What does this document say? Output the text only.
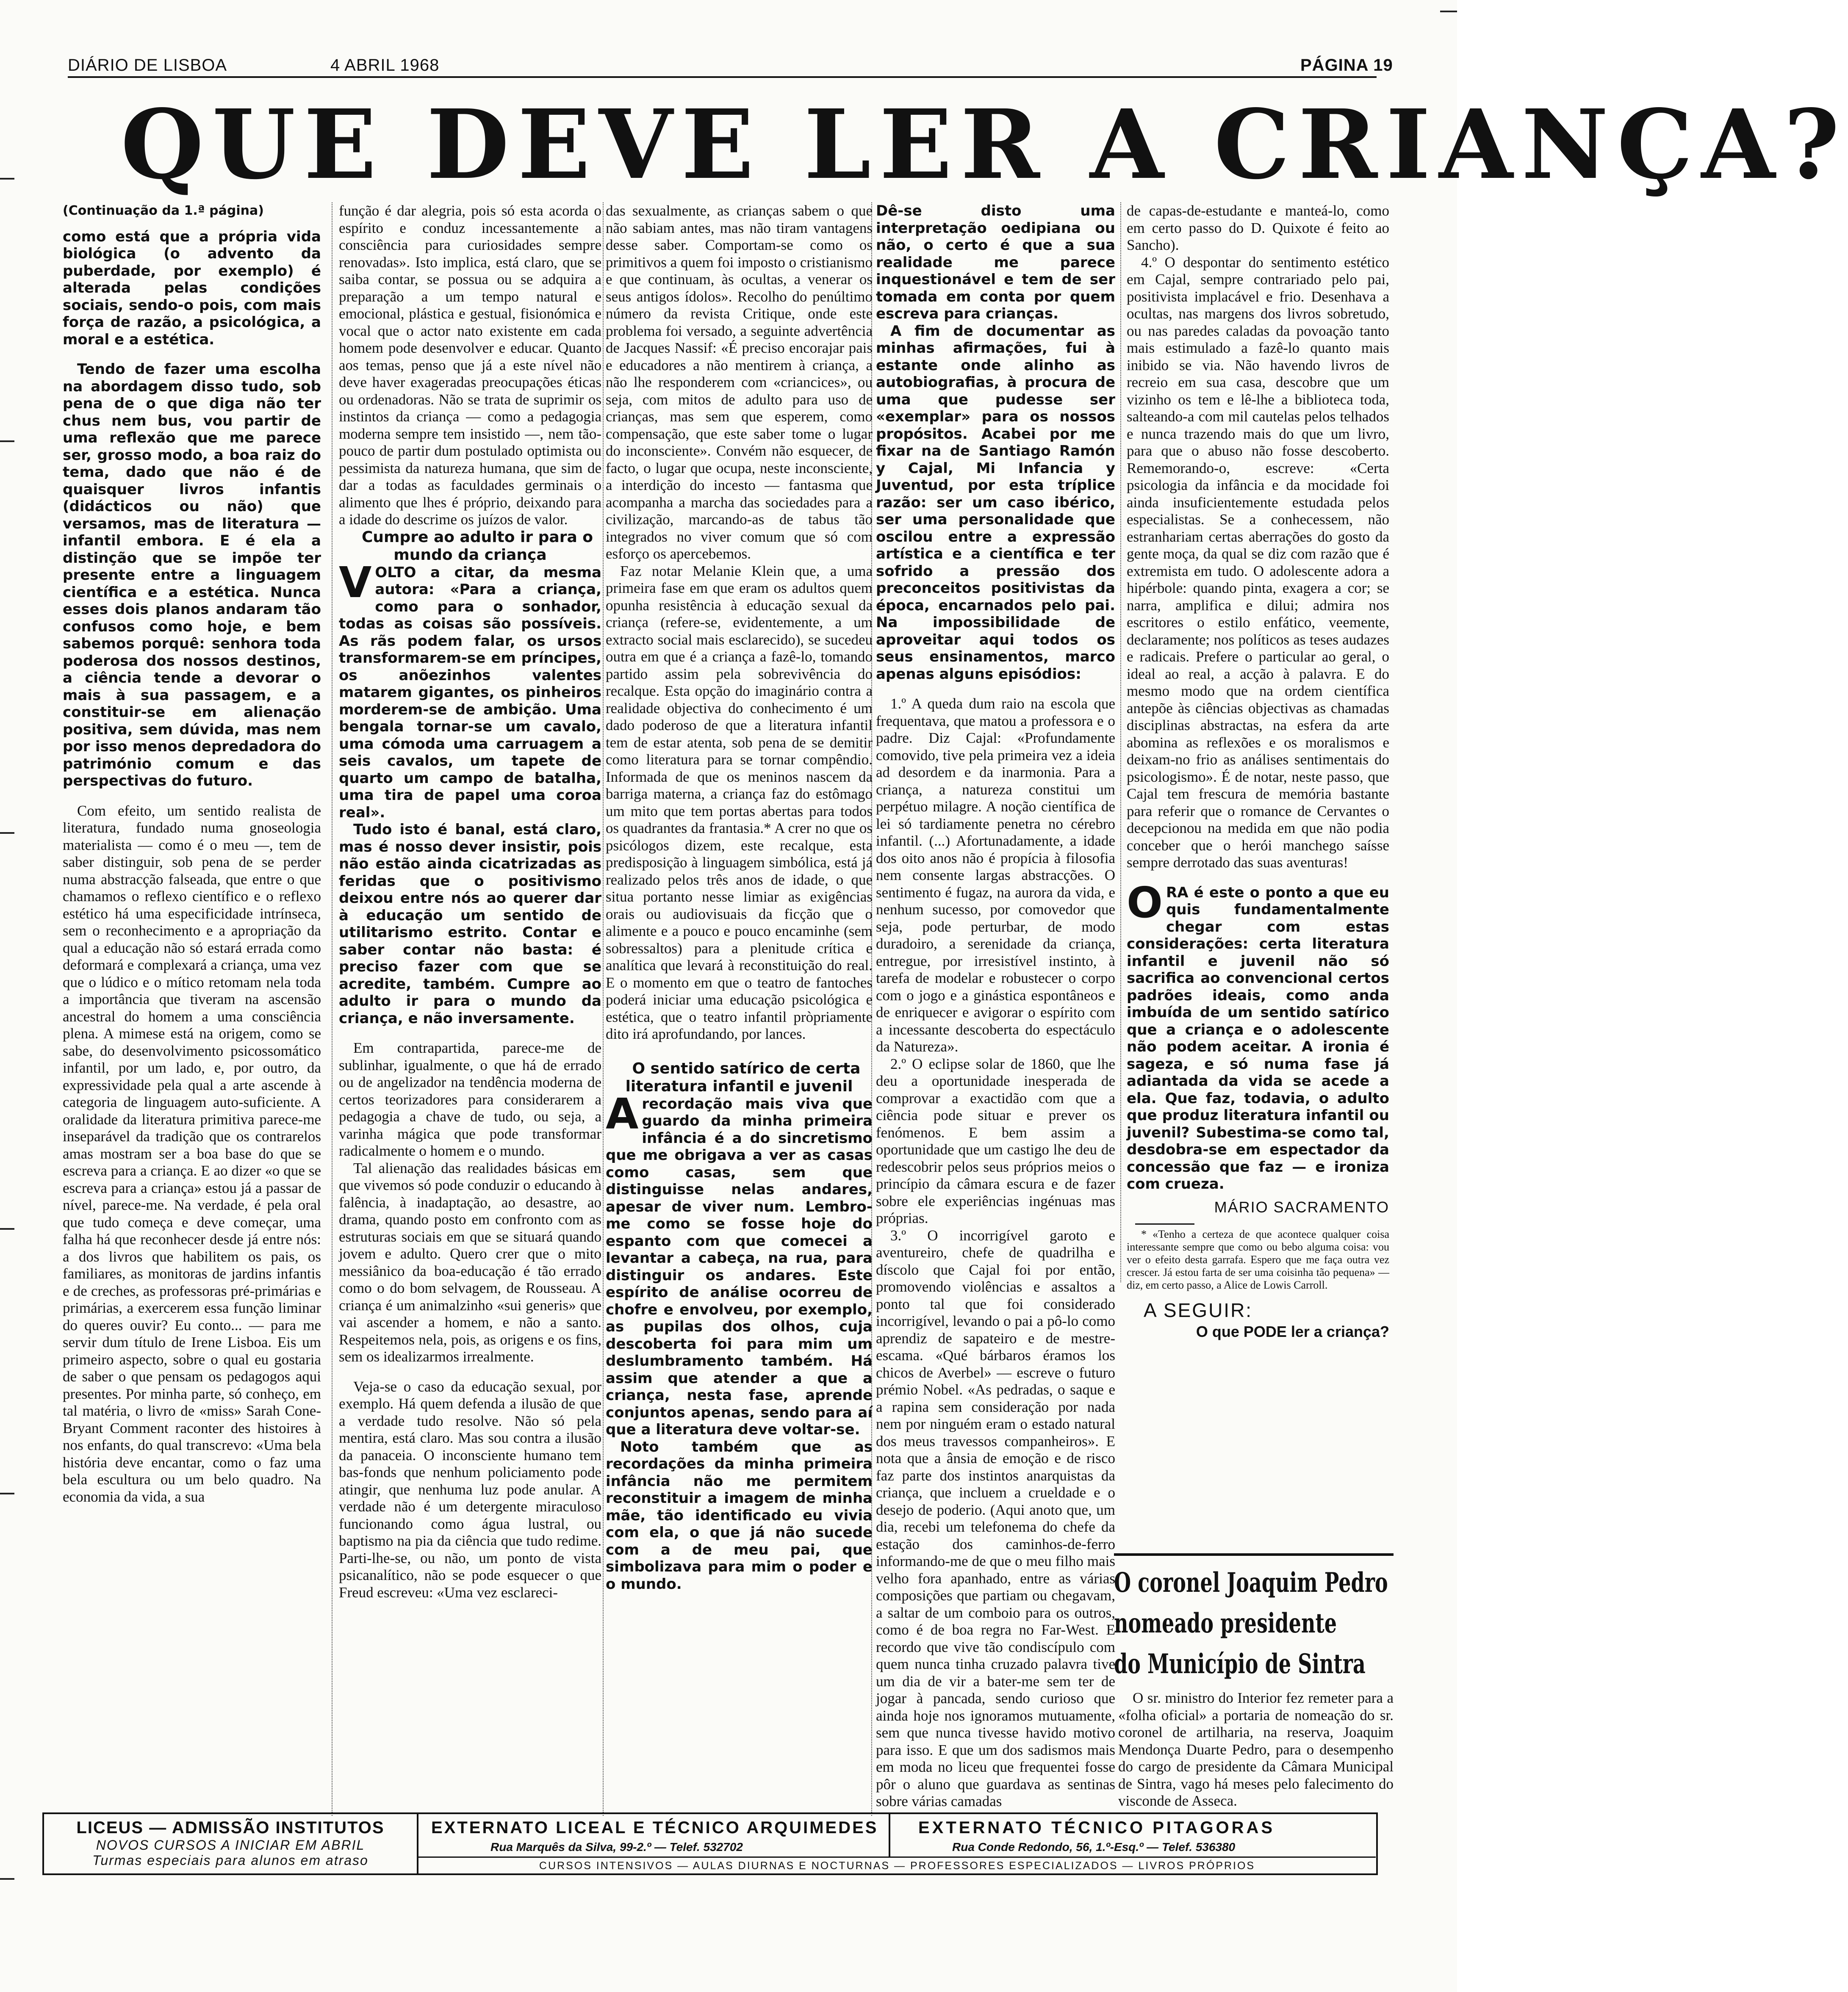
DIÁRIO DE LISBOA	4 ABRIL 1968	PÁGINA 19
QUE DEVE LER A CRIANÇA?

(Continuação da 1.ª página)

como está que a própria vida biológica (o advento da puberdade, por exemplo) é alterada pelas condições sociais, sendo-o pois, com mais força de razão, a psicológica, a moral e a estética.

Tendo de fazer uma escolha na abordagem disso tudo, sob pena de o que diga não ter chus nem bus, vou partir de uma reflexão que me parece ser, grosso modo, a boa raiz do tema, dado que não é de quaisquer livros infantis (didácticos ou não) que versamos, mas de literatura — infantil embora. E é ela a distinção que se impõe ter presente entre a linguagem científica e a estética. Nunca esses dois planos andaram tão confusos como hoje, e bem sabemos porquê: senhora toda poderosa dos nossos destinos, a ciência tende a devorar o mais à sua passagem, e a constituir-se em alienação positiva, sem dúvida, mas nem por isso menos depredadora do património comum e das perspectivas do futuro.

Com efeito, um sentido realista de literatura, fundado numa gnoseologia materialista — como é o meu —, tem de saber distinguir, sob pena de se perder numa abstracção falseada, que entre o que chamamos o reflexo científico e o reflexo estético há uma especificidade intrínseca, sem o reconhecimento e a apropriação da qual a educação não só estará errada como deformará e complexará a criança, uma vez que o lúdico e o mítico retomam nela toda a importância que tiveram na ascensão ancestral do homem a uma consciência plena. A mimese está na origem, como se sabe, do desenvolvimento psicossomático infantil, por um lado, e, por outro, da expressividade pela qual a arte ascende à categoria de linguagem auto-suficiente. A oralidade da literatura primitiva parece-me inseparável da tradição que os contrarelos amas mostram ser a boa base do que se escreva para a criança. E ao dizer «o que se escreva para a criança» estou já a passar de nível, parece-me. Na verdade, é pela oral que tudo começa e deve começar, uma falha há que reconhecer desde já entre nós: a dos livros que habilitem os pais, os familiares, as monitoras de jardins infantis e de creches, as professoras pré-primárias e primárias, a exercerem essa função liminar do queres ouvir? Eu conto... — para me servir dum título de Irene Lisboa. Eis um primeiro aspecto, sobre o qual eu gostaria de saber o que pensam os pedagogos aqui presentes. Por minha parte, só conheço, em tal matéria, o livro de «miss» Sarah Cone-Bryant Comment raconter des histoires à nos enfants, do qual transcrevo: «Uma bela história deve encantar, como o faz uma bela escultura ou um belo quadro. Na economia da vida, a sua

função é dar alegria, pois só esta acorda o espírito e conduz incessantemente a consciência para curiosidades sempre renovadas». Isto implica, está claro, que se saiba contar, se possua ou se adquira a preparação a um tempo natural e emocional, plástica e gestual, fisionómica e vocal que o actor nato existente em cada homem pode desenvolver e educar. Quanto aos temas, penso que já a este nível não deve haver exageradas preocupações éticas ou ordenadoras. Não se trata de suprimir os instintos da criança — como a pedagogia moderna sempre tem insistido —, nem tão-pouco de partir dum postulado optimista ou pessimista da natureza humana, que sim de dar a todas as faculdades germinais o alimento que lhes é próprio, deixando para a idade do descrime os juízos de valor.

Cumpre ao adulto ir para o mundo da criança

VOLTO a citar, da mesma autora: «Para a criança, como para o sonhador, todas as coisas são possíveis. As rãs podem falar, os ursos transformarem-se em príncipes, os anõezinhos valentes matarem gigantes, os pinheiros morderem-se de ambição. Uma bengala tornar-se um cavalo, uma cómoda uma carruagem a seis cavalos, um tapete de quarto um campo de batalha, uma tira de papel uma coroa real».

Tudo isto é banal, está claro, mas é nosso dever insistir, pois não estão ainda cicatrizadas as feridas que o positivismo deixou entre nós ao querer dar à educação um sentido de utilitarismo estrito. Contar e saber contar não basta: é preciso fazer com que se acredite, também. Cumpre ao adulto ir para o mundo da criança, e não inversamente.

Em contrapartida, parece-me de sublinhar, igualmente, o que há de errado ou de angelizador na tendência moderna de certos teorizadores para considerarem a pedagogia a chave de tudo, ou seja, a varinha mágica que pode transformar radicalmente o homem e o mundo.

Tal alienação das realidades básicas em que vivemos só pode conduzir o educando à falência, à inadaptação, ao desastre, ao drama, quando posto em confronto com as estruturas sociais em que se situará quando jovem e adulto. Quero crer que o mito messiânico da boa-educação é tão errado como o do bom selvagem, de Rousseau. A criança é um animalzinho «sui generis» que vai ascender a homem, e não a santo. Respeitemos nela, pois, as origens e os fins, sem os idealizarmos irrealmente.

Veja-se o caso da educação sexual, por exemplo. Há quem defenda a ilusão de que a verdade tudo resolve. Não só pela mentira, está claro. Mas sou contra a ilusão da panaceia. O inconsciente humano tem bas-fonds que nenhum policiamento pode atingir, que nenhuma luz pode anular. A verdade não é um detergente miraculoso funcionando como água lustral, ou baptismo na pia da ciência que tudo redime. Parti-lhe-se, ou não, um ponto de vista psicanalítico, não se pode esquecer o que Freud escreveu: «Uma vez esclareci-

das sexualmente, as crianças sabem o que não sabiam antes, mas não tiram vantagens desse saber. Comportam-se como os primitivos a quem foi imposto o cristianismo e que continuam, às ocultas, a venerar os seus antigos ídolos». Recolho do penúltimo número da revista Critique, onde este problema foi versado, a seguinte advertência de Jacques Nassif: «É preciso encorajar pais e educadores a não mentirem à criança, a não lhe responderem com «criancices», ou seja, com mitos de adulto para uso de crianças, mas sem que esperem, como compensação, que este saber tome o lugar do inconsciente». Convém não esquecer, de facto, o lugar que ocupa, neste inconsciente, a interdição do incesto — fantasma que acompanha a marcha das sociedades para a civilização, marcando-as de tabus tão integrados no viver comum que só com esforço os apercebemos.

Faz notar Melanie Klein que, a uma primeira fase em que eram os adultos quem opunha resistência à educação sexual da criança (refere-se, evidentemente, a um extracto social mais esclarecido), se sucedeu outra em que é a criança a fazê-lo, tomando partido assim pela sobrevivência do recalque. Esta opção do imaginário contra a realidade objectiva do conhecimento é um dado poderoso de que a literatura infantil tem de estar atenta, sob pena de se demitir como literatura para se tornar compêndio. Informada de que os meninos nascem da barriga materna, a criança faz do estômago um mito que tem portas abertas para todos os quadrantes da frantasia.* A crer no que os psicólogos dizem, este recalque, esta predisposição à linguagem simbólica, está já realizado pelos três anos de idade, o que situa portanto nesse limiar as exigências orais ou audiovisuais da ficção que o alimente e a pouco e pouco encaminhe (sem sobressaltos) para a plenitude crítica e analítica que levará à reconstituição do real. E o momento em que o teatro de fantoches poderá iniciar uma educação psicológica e estética, que o teatro infantil pròpriamente dito irá aprofundando, por lances.

O sentido satírico de certa literatura infantil e juvenil

Arecordação mais viva que guardo da minha primeira infância é a do sincretismo que me obrigava a ver as casas como casas, sem que distinguisse nelas andares, apesar de viver num. Lembro-me como se fosse hoje do espanto com que comecei a levantar a cabeça, na rua, para distinguir os andares. Este espírito de análise ocorreu de chofre e envolveu, por exemplo, as pupilas dos olhos, cuja descoberta foi para mim um deslumbramento também. Há assim que atender a que a criança, nesta fase, aprende conjuntos apenas, sendo para aí que a literatura deve voltar-se.

Noto também que as recordações da minha primeira infância não me permitem reconstituir a imagem de minha mãe, tão identificado eu vivia com ela, o que já não sucede com a de meu pai, que simbolizava para mim o poder e o mundo.

Dê-se disto uma interpretação oedipiana ou não, o certo é que a sua realidade me parece inquestionável e tem de ser tomada em conta por quem escreva para crianças.

A fim de documentar as minhas afirmações, fui à estante onde alinho as autobiografias, à procura de uma que pudesse ser «exemplar» para os nossos propósitos. Acabei por me fixar na de Santiago Ramón y Cajal, Mi Infancia y Juventud, por esta tríplice razão: ser um caso ibérico, ser uma personalidade que oscilou entre a expressão artística e a científica e ter sofrido a pressão dos preconceitos positivistas da época, encarnados pelo pai. Na impossibilidade de aproveitar aqui todos os seus ensinamentos, marco apenas alguns episódios:

1.º A queda dum raio na escola que frequentava, que matou a professora e o padre. Diz Cajal: «Profundamente comovido, tive pela primeira vez a ideia ad desordem e da inarmonia. Para a criança, a natureza constitui um perpétuo milagre. A noção científica de lei só tardiamente penetra no cérebro infantil. (...) Afortunadamente, a idade dos oito anos não é propícia à filosofia nem consente largas abstracções. O sentimento é fugaz, na aurora da vida, e nenhum sucesso, por comovedor que seja, pode perturbar, de modo duradoiro, a serenidade da criança, entregue, por irresistível instinto, à tarefa de modelar e robustecer o corpo com o jogo e a ginástica espontâneos e de enriquecer e avigorar o espírito com a incessante descoberta do espectáculo da Natureza».

2.º O eclipse solar de 1860, que lhe deu a oportunidade inesperada de comprovar a exactidão com que a ciência pode situar e prever os fenómenos. E bem assim a oportunidade que um castigo lhe deu de redescobrir pelos seus próprios meios o princípio da câmara escura e de fazer sobre ele experiências ingénuas mas próprias.

3.º O incorrigível garoto e aventureiro, chefe de quadrilha e díscolo que Cajal foi por então, promovendo violências e assaltos a ponto tal que foi considerado incorrigível, levando o pai a pô-lo como aprendiz de sapateiro e de mestre-escama. «Qué bárbaros éramos los chicos de Averbel» — escreve o futuro prémio Nobel. «As pedradas, o saque e a rapina sem consideração por nada nem por ninguém eram o estado natural dos meus travessos companheiros». E nota que a ânsia de emoção e de risco faz parte dos instintos anarquistas da criança, que incluem a crueldade e o desejo de poderio. (Aqui anoto que, um dia, recebi um telefonema do chefe da estação dos caminhos-de-ferro informando-me de que o meu filho mais velho fora apanhado, entre as várias composições que partiam ou chegavam, a saltar de um comboio para os outros, como é de boa regra no Far-West. E recordo que vive tão condiscípulo com quem nunca tinha cruzado palavra tive um dia de vir a bater-me sem ter de jogar à pancada, sendo curioso que ainda hoje nos ignoramos mutuamente, sem que nunca tivesse havido motivo para isso. E que um dos sadismos mais em moda no liceu que frequentei fosse pôr o aluno que guardava as sentinas sobre várias camadas

de capas-de-estudante e manteá-lo, como em certo passo do D. Quixote é feito ao Sancho).

4.º O despontar do sentimento estético em Cajal, sempre contrariado pelo pai, positivista implacável e frio. Desenhava a ocultas, nas margens dos livros sobretudo, ou nas paredes caladas da povoação tanto mais estimulado a fazê-lo quanto mais inibido se via. Não havendo livros de recreio em sua casa, descobre que um vizinho os tem e lê-lhe a biblioteca toda, salteando-a com mil cautelas pelos telhados e nunca trazendo mais do que um livro, para que o abuso não fosse descoberto. Rememorando-o, escreve: «Certa psicologia da infância e da mocidade foi ainda insuficientemente estudada pelos especialistas. Se a conhecessem, não estranhariam certas aberrações do gosto da gente moça, da qual se diz com razão que é extremista em tudo. O adolescente adora a hipérbole: quando pinta, exagera a cor; se narra, amplifica e dilui; admira nos escritores o estilo enfático, veemente, declaramente; nos políticos as teses audazes e radicais. Prefere o particular ao geral, o ideal ao real, a acção à palavra. E do mesmo modo que na ordem científica antepõe às ciências objectivas as chamadas disciplinas abstractas, na esfera da arte abomina as reflexões e os moralismos e deixam-no frio as análises sentimentais do psicologismo». É de notar, neste passo, que Cajal tem frescura de memória bastante para referir que o romance de Cervantes o decepcionou na medida em que não podia conceber que o herói manchego saísse sempre derrotado das suas aventuras!

ORA é este o ponto a que eu quis fundamentalmente chegar com estas considerações: certa literatura infantil e juvenil não só sacrifica ao convencional certos padrões ideais, como anda imbuída de um sentido satírico que a criança e o adolescente não podem aceitar. A ironia é sageza, e só numa fase já adiantada da vida se acede a ela. Que faz, todavia, o adulto que produz literatura infantil ou juvenil? Subestima-se como tal, desdobra-se em espectador da concessão que faz — e ironiza com crueza.

MÁRIO SACRAMENTO

* «Tenho a certeza de que acontece qualquer coisa interessante sempre que como ou bebo alguma coisa: vou ver o efeito desta garrafa. Espero que me faça outra vez crescer. Já estou farta de ser uma coisinha tão pequena» — diz, em certo passo, a Alice de Lowis Carroll.

A SEGUIR:
O que PODE ler a criança?
O coronel Joaquim Pedro
nomeado presidente
do Município de Sintra

O sr. ministro do Interior fez remeter para a «folha oficial» a portaria de nomeação do sr. coronel de artilharia, na reserva, Joaquim Mendonça Duarte Pedro, para o desempenho do cargo de presidente da Câmara Municipal de Sintra, vago há meses pelo falecimento do visconde de Asseca.

LICEUS — ADMISSÃO INSTITUTOS
NOVOS CURSOS A INICIAR EM ABRIL
Turmas especiais para alunos em atraso
EXTERNATO LICEAL E TÉCNICO ARQUIMEDES
Rua Marquês da Silva, 99-2.º — Telef. 532702
EXTERNATO TÉCNICO PITAGORAS
Rua Conde Redondo, 56, 1.º-Esq.º — Telef. 536380
CURSOS INTENSIVOS — AULAS DIURNAS E NOCTURNAS — PROFESSORES ESPECIALIZADOS — LIVROS PRÓPRIOS
